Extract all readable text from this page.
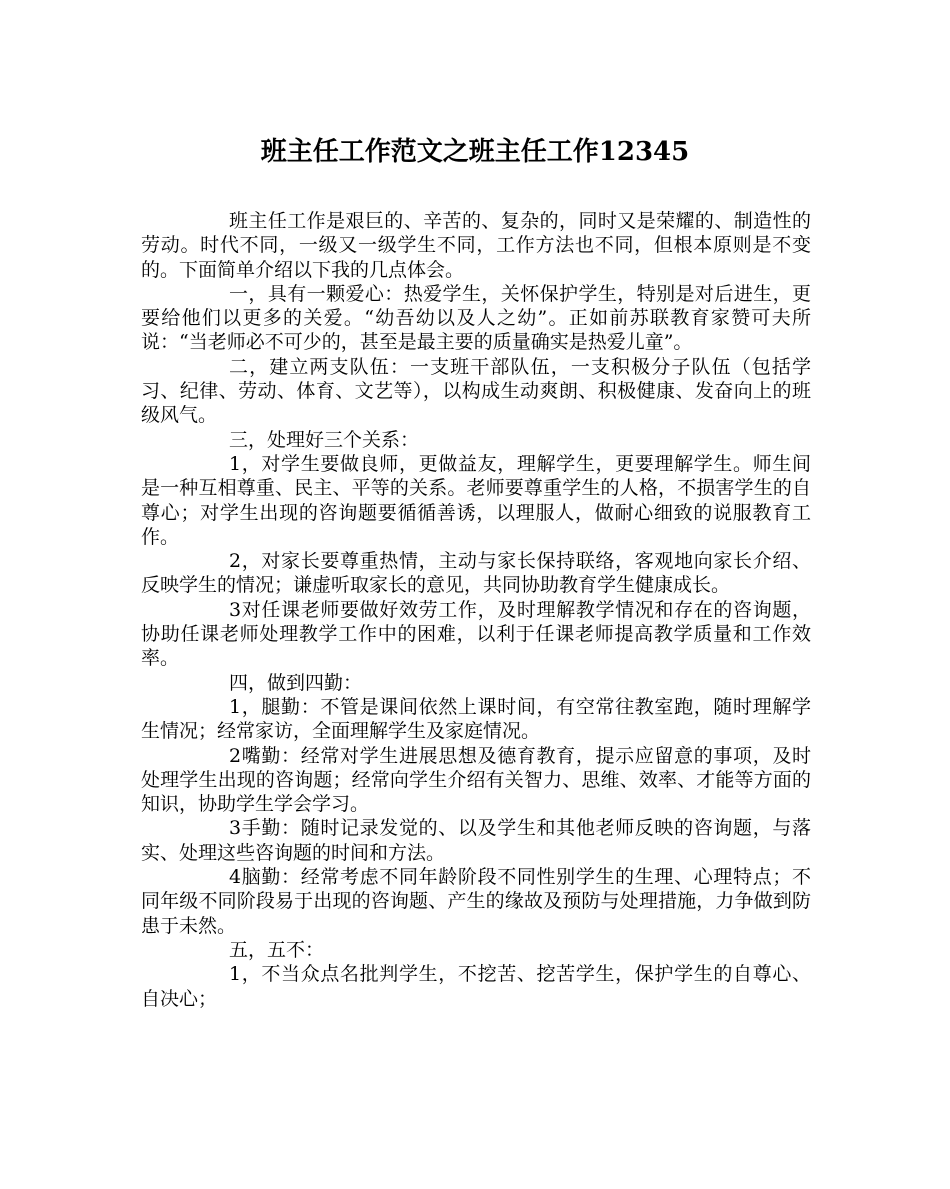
班主任工作范文之班主任工作12345

班主任工作是艰巨的、辛苦的、复杂的，同时又是荣耀的、制造性的劳动。时代不同，一级又一级学生不同，工作方法也不同，但根本原则是不变的。下面简单介绍以下我的几点体会。

一，具有一颗爱心：热爱学生，关怀保护学生，特别是对后进生，更要给他们以更多的关爱。“幼吾幼以及人之幼”。正如前苏联教育家赞可夫所说：“当老师必不可少的，甚至是最主要的质量确实是热爱儿童”。

二，建立两支队伍：一支班干部队伍，一支积极分子队伍（包括学习、纪律、劳动、体育、文艺等），以构成生动爽朗、积极健康、发奋向上的班级风气。

三，处理好三个关系：

1，对学生要做良师，更做益友，理解学生，更要理解学生。师生间是一种互相尊重、民主、平等的关系。老师要尊重学生的人格，不损害学生的自尊心；对学生出现的咨询题要循循善诱，以理服人，做耐心细致的说服教育工作。

2，对家长要尊重热情，主动与家长保持联络，客观地向家长介绍、反映学生的情况；谦虚听取家长的意见，共同协助教育学生健康成长。

3对任课老师要做好效劳工作，及时理解教学情况和存在的咨询题，协助任课老师处理教学工作中的困难，以利于任课老师提高教学质量和工作效率。

四，做到四勤：

1，腿勤：不管是课间依然上课时间，有空常往教室跑，随时理解学生情况；经常家访，全面理解学生及家庭情况。

2嘴勤：经常对学生进展思想及德育教育，提示应留意的事项，及时处理学生出现的咨询题；经常向学生介绍有关智力、思维、效率、才能等方面的知识，协助学生学会学习。

3手勤：随时记录发觉的、以及学生和其他老师反映的咨询题，与落实、处理这些咨询题的时间和方法。

4脑勤：经常考虑不同年龄阶段不同性别学生的生理、心理特点；不同年级不同阶段易于出现的咨询题、产生的缘故及预防与处理措施，力争做到防患于未然。

五，五不：

1，不当众点名批判学生，不挖苦、挖苦学生，保护学生的自尊心、自决心；
